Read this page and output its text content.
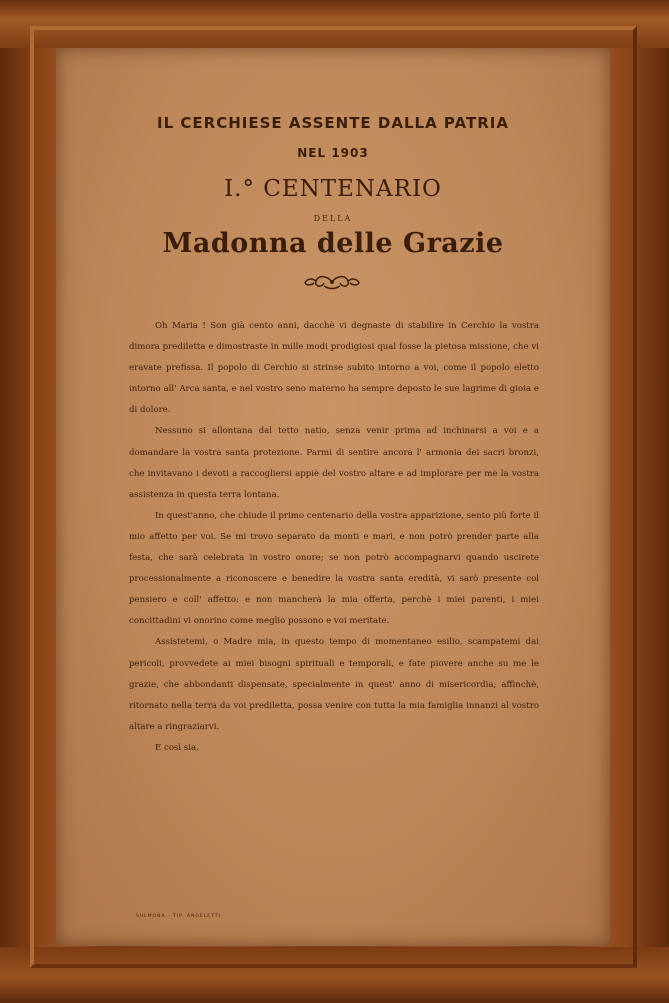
IL CERCHIESE ASSENTE DALLA PATRIA
NEL 1903
I.° CENTENARIO
DELLA
Madonna delle Grazie

Oh Maria ! Son già cento anni, dacchè vi degnaste di stabilire in Cerchio la vostra dimora prediletta e dimostraste in mille modi prodigiosi qual fosse la pietosa missione, che vi eravate prefissa. Il popolo di Cerchio si strinse subito intorno a voi, come il popolo eletto intorno all' Arca santa, e nel vostro seno materno ha sempre deposto le sue lagrime di gioia e di dolore.

Nessuno si allontana dal tetto natio, senza venir prima ad inchinarsi a voi e a domandare la vostra santa protezione. Parmi di sentire ancora l' armonia dei sacri bronzi, che invitavano i devoti a raccogliersi appiè del vostro altare e ad implorare per me la vostra assistenza in questa terra lontana.

In quest'anno, che chiude il primo centenario della vostra apparizione, sento più forte il mio affetto per voi. Se mi trovo separato da monti e mari, e non potrò prender parte alla festa, che sarà celebrata in vostro onore; se non potrò accompagnarvi quando uscirete processionalmente a riconoscere e benedire la vostra santa eredità, vi sarò presente col pensiero e coll' affetto: e non mancherà la mia offerta, perchè i miei parenti, i miei concittadini vi onorino come meglio possono e voi meritate.

Assistetemi, o Madre mia, in questo tempo di momentaneo esilio, scampatemi dai pericoli, provvedete ai miei bisogni spirituali e temporali, e fate piovere anche su me le grazie, che abbondanti dispensate, specialmente in quest' anno di misericordia; affinchè, ritornato nella terra da voi prediletta, possa venire con tutta la mia famiglia innanzi al vostro altare a ringraziarvi.

E così sia.

SULMONA - TIP. ANGELETTI
